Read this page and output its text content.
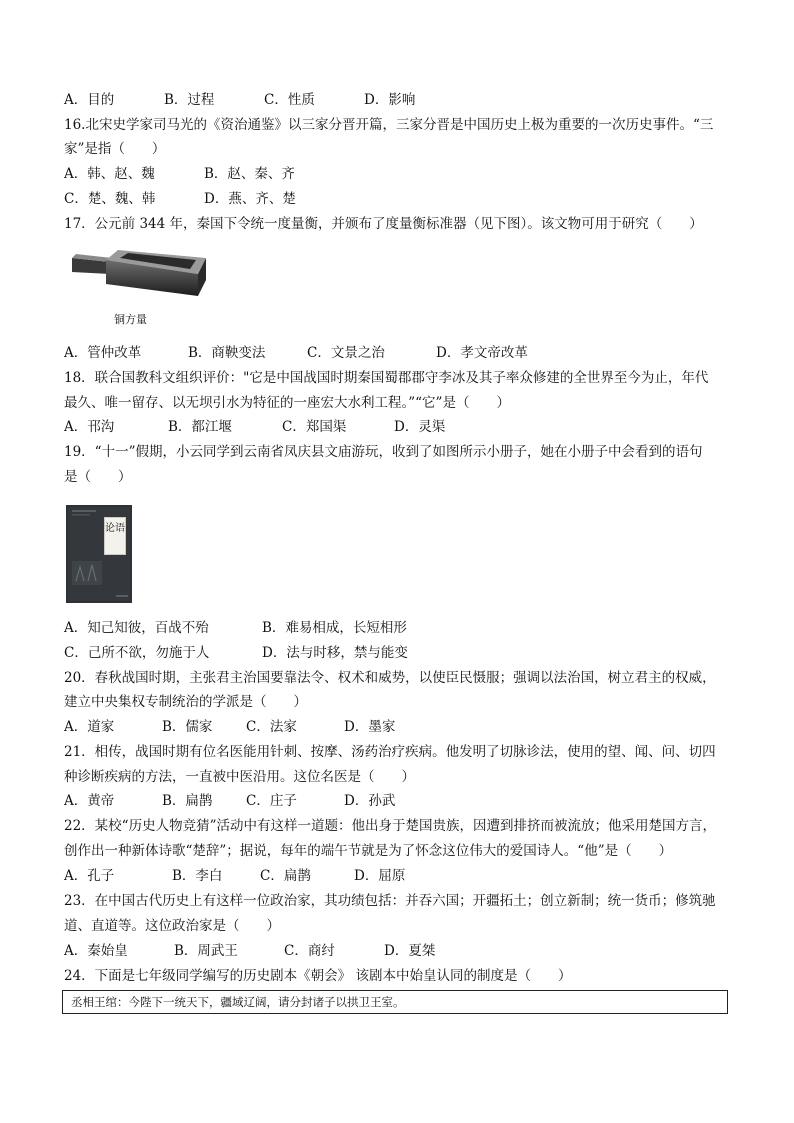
A．目的	B．过程	C．性质	D．影响
16.北宋史学家司马光的《资治通鉴》以三家分晋开篇，三家分晋是中国历史上极为重要的一次历史事件。“三
家”是指（　　）
A．韩、赵、魏	B．赵、秦、齐
C．楚、魏、韩	D．燕、齐、楚
17．公元前 344 年，秦国下令统一度量衡，并颁布了度量衡标准器（见下图）。该文物可用于研究（　　）
铜方量
A．管仲改革	B．商鞅变法	C．文景之治	D．孝文帝改革
18．联合国教科文组织评价："它是中国战国时期秦国蜀郡郡守李冰及其子率众修建的全世界至今为止，年代
最久、唯一留存、以无坝引水为特征的一座宏大水利工程。”“它”是（　　）
A．邗沟	B．都江堰	C．郑国渠	D．灵渠
19．“十一”假期，小云同学到云南省凤庆县文庙游玩，收到了如图所示小册子，她在小册子中会看到的语句
是（　　）
论语
A．知己知彼，百战不殆	B．难易相成，长短相形
C．己所不欲，勿施于人	D．法与时移，禁与能变
20．春秋战国时期，主张君主治国要靠法令、权术和威势，以使臣民慑服；强调以法治国，树立君主的权威，
建立中央集权专制统治的学派是（　　）
A．道家	B．儒家 C．法家	D．墨家
21．相传，战国时期有位名医能用针刺、按摩、汤药治疗疾病。他发明了切脉诊法，使用的望、闻、问、切四
种诊断疾病的方法，一直被中医沿用。这位名医是（　　）
A．黄帝	B．扁鹊 C．庄子	D．孙武
22．某校“历史人物竞猜”活动中有这样一道题：他出身于楚国贵族，因遭到排挤而被流放；他采用楚国方言，
创作出一种新体诗歌“楚辞”；据说，每年的端午节就是为了怀念这位伟大的爱国诗人。“他”是（　　）
A．孔子	B．李白	C．扁鹊	D．屈原
23．在中国古代历史上有这样一位政治家，其功绩包括：并吞六国；开疆拓土；创立新制；统一货币；修筑驰
道、直道等。这位政治家是（　　）
A．秦始皇	B．周武王	C．商纣	D．夏桀
24．下面是七年级同学编写的历史剧本《朝会》 该剧本中始皇认同的制度是（　　）
丞相王绾：今陛下一统天下，疆域辽阔，请分封诸子以拱卫王室。
